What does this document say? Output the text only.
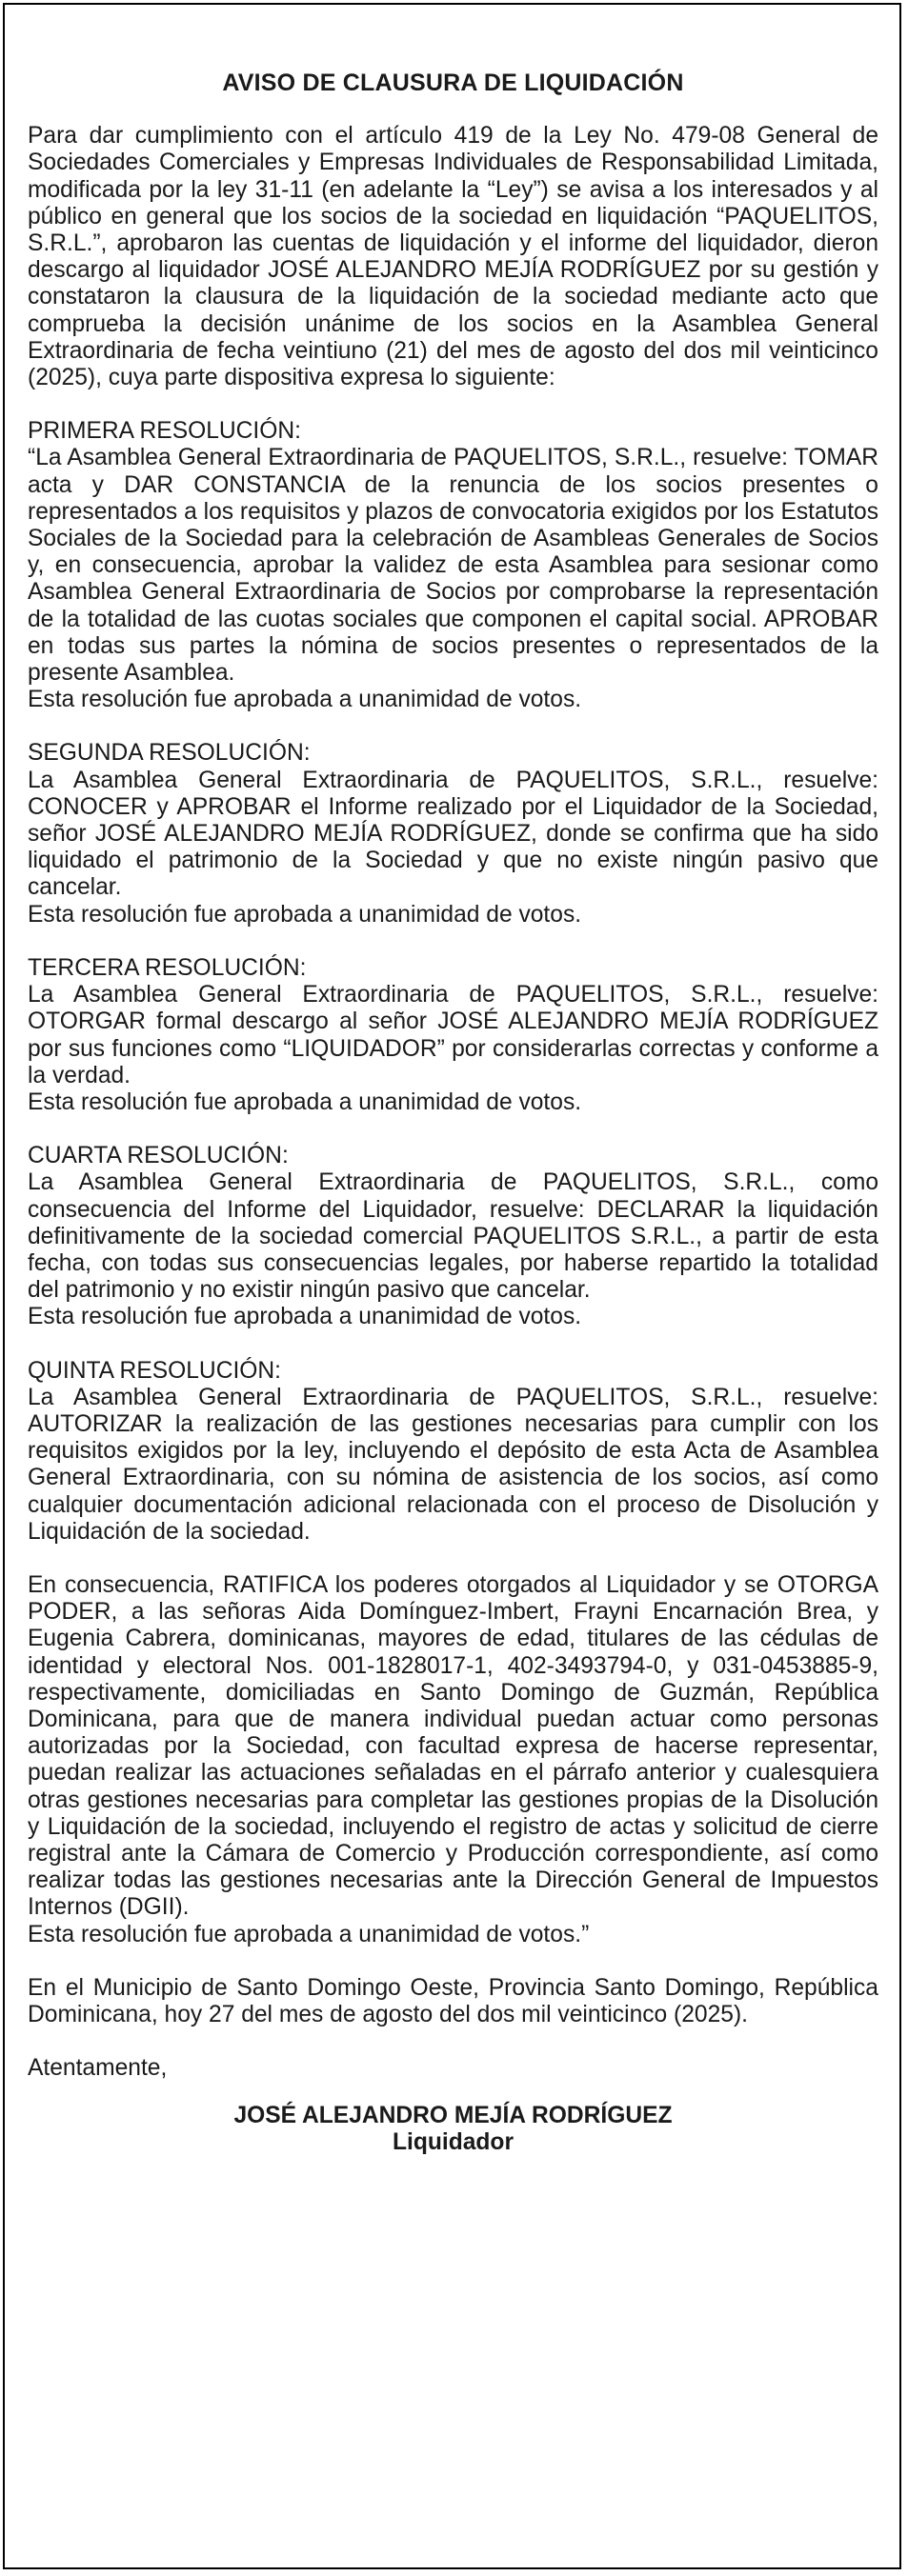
AVISO DE CLAUSURA DE LIQUIDACIÓN
Para dar cumplimiento con el artículo 419 de la Ley No. 479-08 General de Sociedades Comerciales y Empresas Individuales de Responsabilidad Limitada, modificada por la ley 31-11 (en adelante la “Ley”) se avisa a los interesados y al público en general que los socios de la sociedad en liquidación “PAQUELITOS, S.R.L.”, aprobaron las cuentas de liquidación y el informe del liquidador, dieron descargo al liquidador JOSÉ ALEJANDRO MEJÍA RODRÍGUEZ por su gestión y constataron la clausura de la liquidación de la sociedad mediante acto que comprueba la decisión unánime de los socios en la Asamblea General Extraordinaria de fecha veintiuno (21) del mes de agosto del dos mil veinticinco (2025), cuya parte dispositiva expresa lo siguiente:
PRIMERA RESOLUCIÓN:
“La Asamblea General Extraordinaria de PAQUELITOS, S.R.L., resuelve: TOMAR acta y DAR CONSTANCIA de la renuncia de los socios presentes o representados a los requisitos y plazos de convocatoria exigidos por los Estatutos Sociales de la Sociedad para la celebración de Asambleas Generales de Socios y, en consecuencia, aprobar la validez de esta Asamblea para sesionar como Asamblea General Extraordinaria de Socios por comprobarse la representación de la totalidad de las cuotas sociales que componen el capital social. APROBAR en todas sus partes la nómina de socios presentes o representados de la presente Asamblea.
Esta resolución fue aprobada a unanimidad de votos.
SEGUNDA RESOLUCIÓN:
La Asamblea General Extraordinaria de PAQUELITOS, S.R.L., resuelve: CONOCER y APROBAR el Informe realizado por el Liquidador de la Sociedad, señor JOSÉ ALEJANDRO MEJÍA RODRÍGUEZ, donde se confirma que ha sido liquidado el patrimonio de la Sociedad y que no existe ningún pasivo que cancelar.
Esta resolución fue aprobada a unanimidad de votos.
TERCERA RESOLUCIÓN:
La Asamblea General Extraordinaria de PAQUELITOS, S.R.L., resuelve: OTORGAR formal descargo al señor JOSÉ ALEJANDRO MEJÍA RODRÍGUEZ por sus funciones como “LIQUIDADOR” por considerarlas correctas y conforme a la verdad.
Esta resolución fue aprobada a unanimidad de votos.
CUARTA RESOLUCIÓN:
La Asamblea General Extraordinaria de PAQUELITOS, S.R.L., como consecuencia del Informe del Liquidador, resuelve: DECLARAR la liquidación definitivamente de la sociedad comercial PAQUELITOS S.R.L., a partir de esta fecha, con todas sus consecuencias legales, por haberse repartido la totalidad del patrimonio y no existir ningún pasivo que cancelar.
Esta resolución fue aprobada a unanimidad de votos.
QUINTA RESOLUCIÓN:
La Asamblea General Extraordinaria de PAQUELITOS, S.R.L., resuelve: AUTORIZAR la realización de las gestiones necesarias para cumplir con los requisitos exigidos por la ley, incluyendo el depósito de esta Acta de Asamblea General Extraordinaria, con su nómina de asistencia de los socios, así como cualquier documentación adicional relacionada con el proceso de Disolución y Liquidación de la sociedad.
En consecuencia, RATIFICA los poderes otorgados al Liquidador y se OTORGA PODER, a las señoras Aida Domínguez-Imbert, Frayni Encarnación Brea, y Eugenia Cabrera, dominicanas, mayores de edad, titulares de las cédulas de identidad y electoral Nos. 001-1828017-1, 402-3493794-0, y 031-0453885-9, respectivamente, domiciliadas en Santo Domingo de Guzmán, República Dominicana, para que de manera individual puedan actuar como personas autorizadas por la Sociedad, con facultad expresa de hacerse representar, puedan realizar las actuaciones señaladas en el párrafo anterior y cualesquiera otras gestiones necesarias para completar las gestiones propias de la Disolución y Liquidación de la sociedad, incluyendo el registro de actas y solicitud de cierre registral ante la Cámara de Comercio y Producción correspondiente, así como realizar todas las gestiones necesarias ante la Dirección General de Impuestos Internos (DGII).
Esta resolución fue aprobada a unanimidad de votos.”
En el Municipio de Santo Domingo Oeste, Provincia Santo Domingo, República Dominicana, hoy 27 del mes de agosto del dos mil veinticinco (2025).
Atentamente,
JOSÉ ALEJANDRO MEJÍA RODRÍGUEZ
Liquidador
